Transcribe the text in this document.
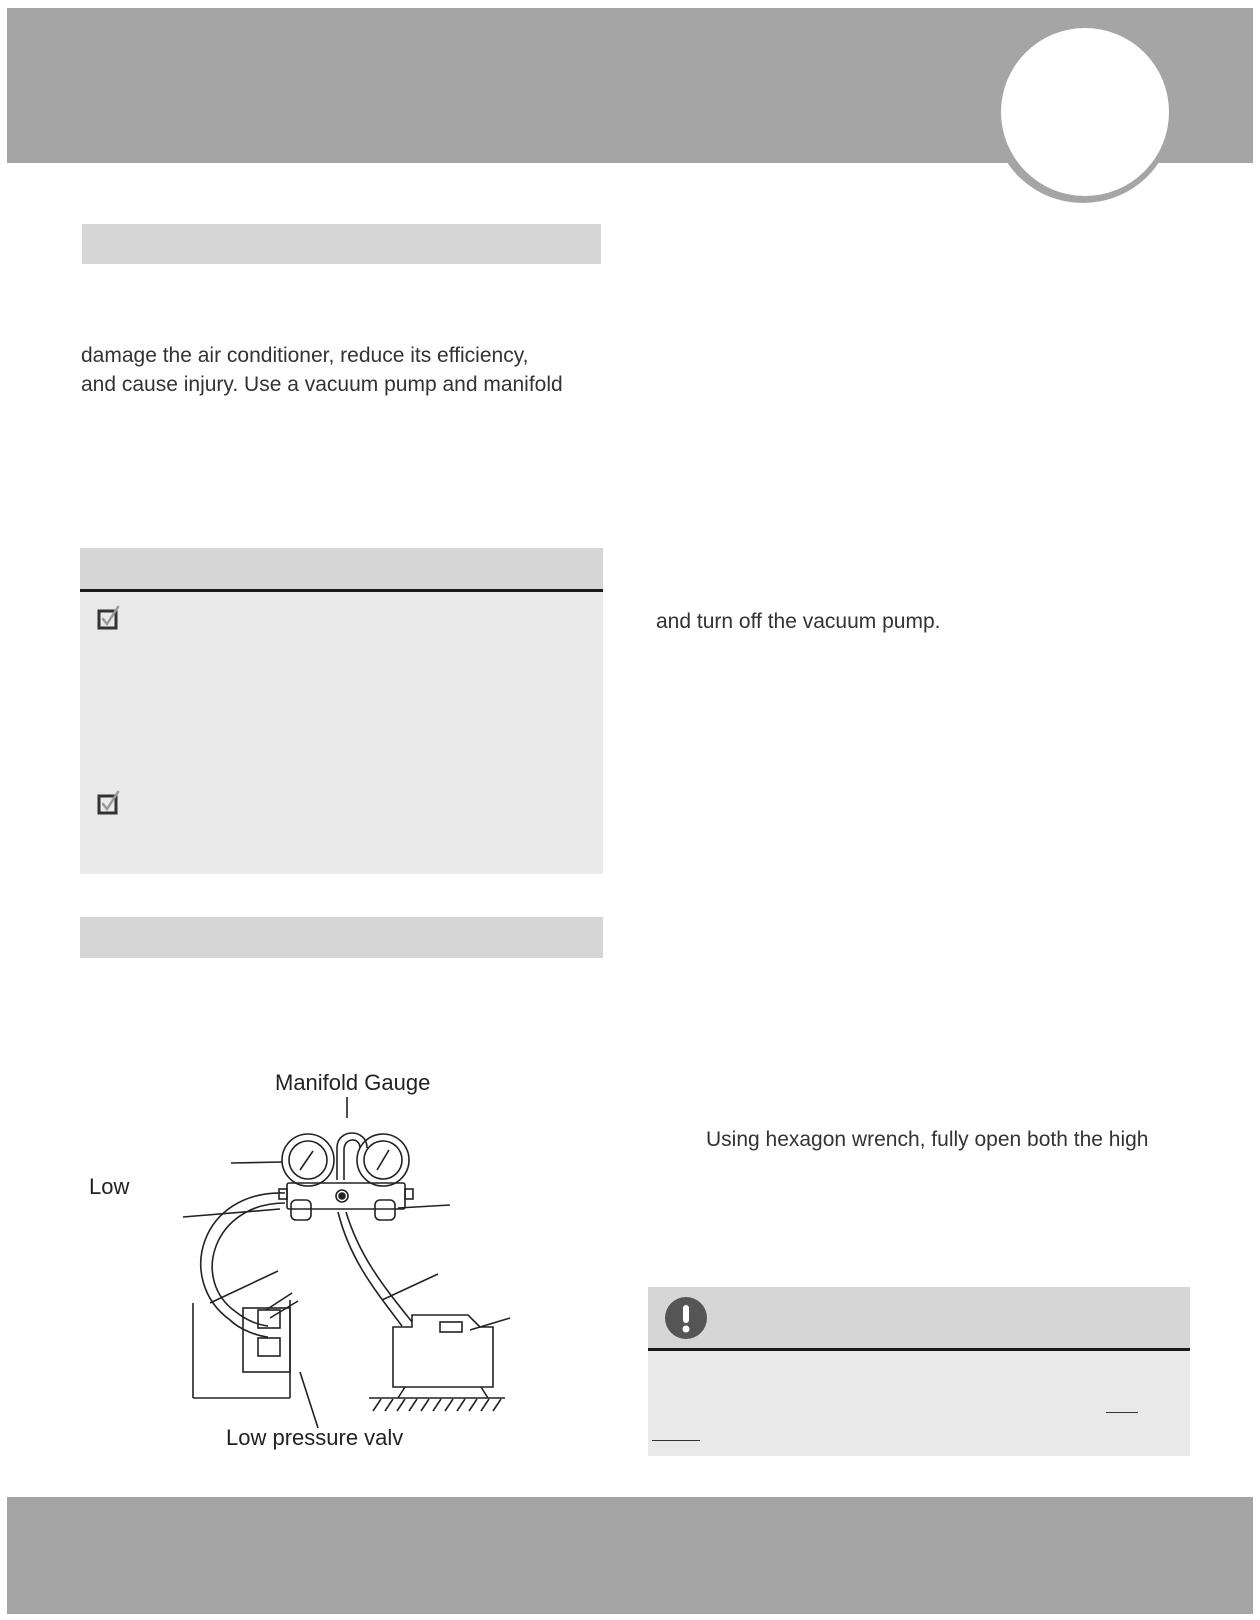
damage the air conditioner, reduce its efficiency,
and cause injury. Use a vacuum pump and manifold
Manifold Gauge
Low
Low pressure valv
and turn off the vacuum pump.
Using hexagon wrench, fully open both the high
